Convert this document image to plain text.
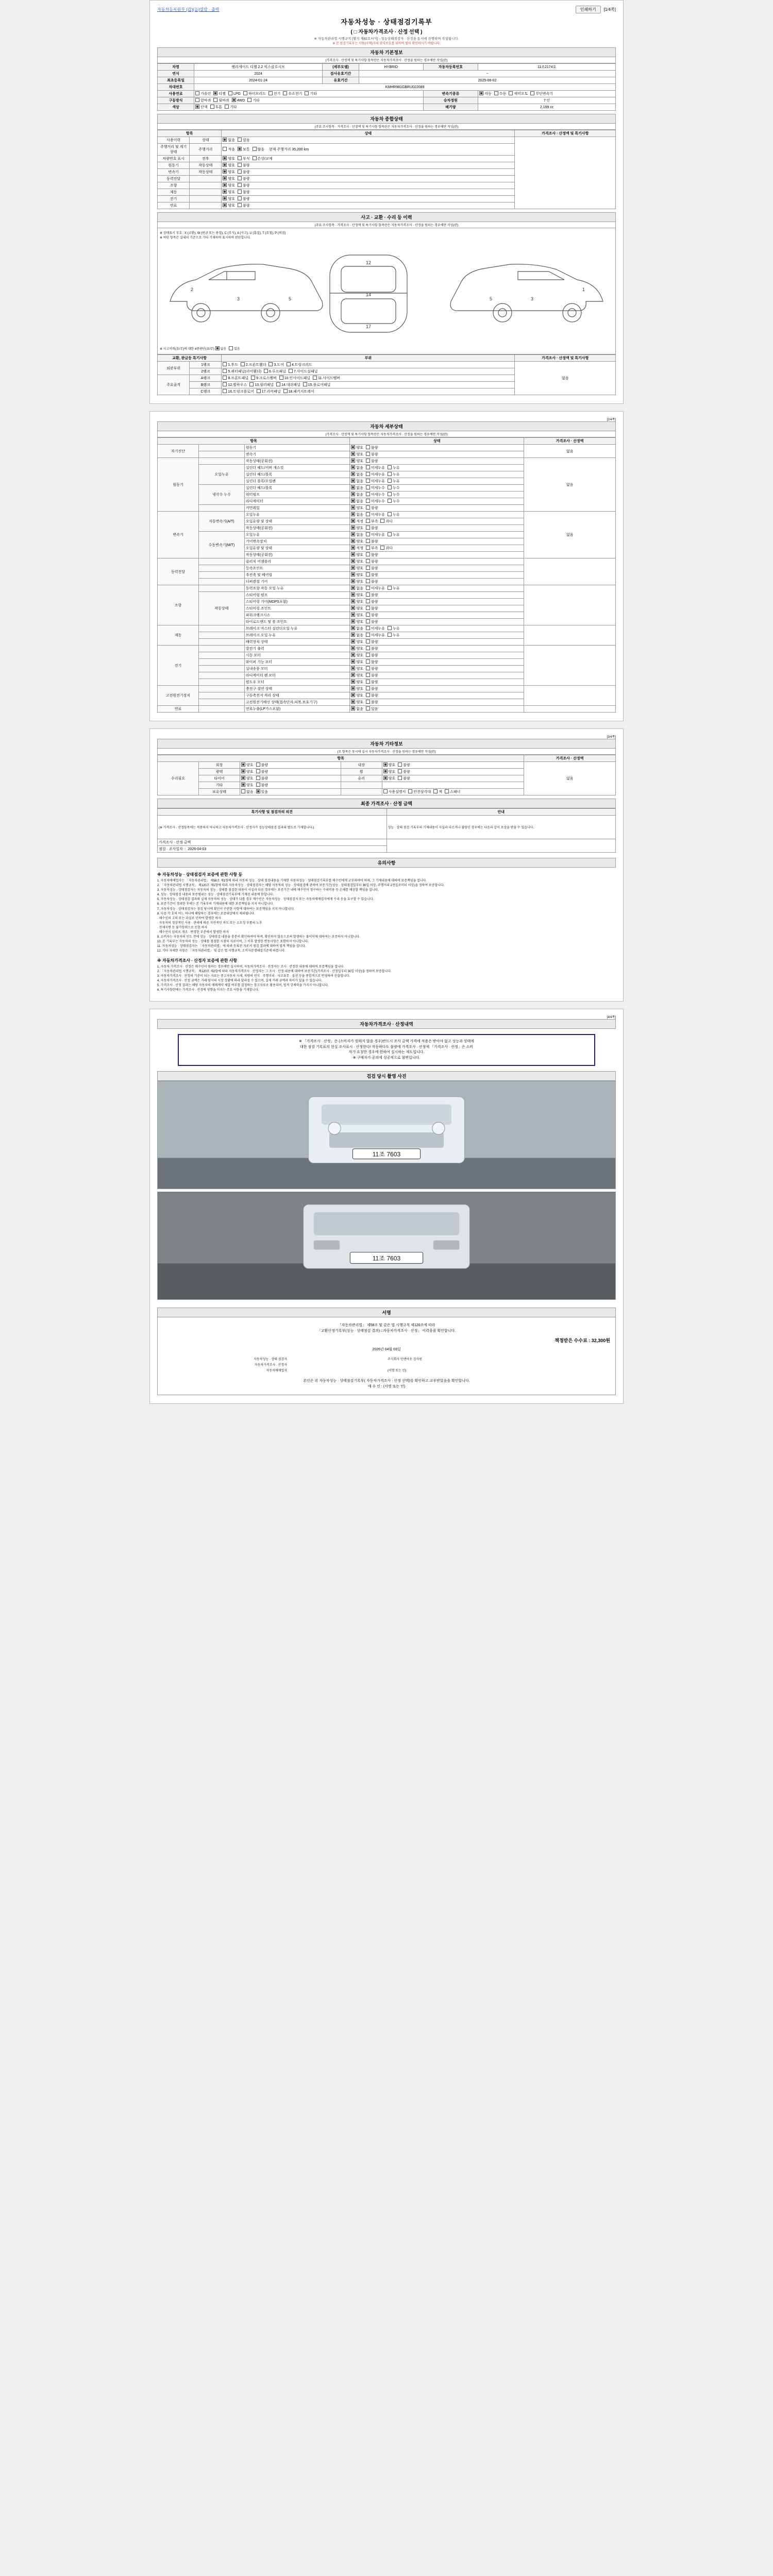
자동차등록원부 (갑)(을)열람 · 출력	인쇄하기	[1/4쪽]
자동차성능 · 상태점검기록부
( □ 자동차가격조사 · 산정 선택 )
※ 자동차관리법 시행규칙 [별지 제82호서식] - 성능상태점검자 · 산정을 동시에 진행하며 작성됩니다.
※ 본 점검기록부는 사용(구매)자의 권익보호를 위하여 필히 확인하시기 바랍니다.
자동차 기본정보
(가격조사 · 산정액 및 특기사항 항목란은 자동차가격조사 · 산정을 원하는 경우에만 작성(란)
차명	팰리세이드 디젤 2.2 익스클루시브	(세부모델)	HYBRID	자동차등록번호	11조2174호
연식	2024	검사유효기간	~		
최초등록일	2024-01-24	유효기간	2025-06-02		
차대번호	KMHR981GBRU022089				
사용연료	가솔린 디젤 LPG 하이브리드 전기 수소전기 기타			변속기종류	자동 수동 세미오토 무단변속기
구동방식	앞바퀴 뒷바퀴 4WD 기타			승차정원	7 인
색상	단색 투톤 기타			배기량	2,199 cc
자동차 종합상태
(주요 조사항목 · 가격조사 · 산정액 및 특기사항 항목란은 자동차가격조사 · 산정을 원하는 경우에만 작성(란)
항목		상태	가격조사 · 산정액 및 특기사항
사용이력	상태	없음 있음	
주행거리 및 계기상태	주행거리	적음 보통 많음  현재 주행거리 35,200 km	
차량번호 표시	전후	양호 부식 손상/교체	
원동기	작동상태	양호 불량	
변속기	작동상태	양호 불량	
동력전달		양호 불량	
조향		양호 불량	
제동		양호 불량	
전기		양호 불량	
연료		양호 불량	
사고 · 교환 · 수리 등 이력
(주요 조사항목 · 가격조사 · 산정액 및 특기사항 항목란은 자동차가격조사 · 산정을 원하는 경우에만 작성(란)
※ 상태표시 부호 : X (교환), W (판금 또는 용접), C (부식), A (사고), U (흠집), T (요철), P (퍼짐)
※ 하단 항목은 실내의 기준으로 기타 기재하여 표시하여 판단합니다.
3
2
5
12
14
17
3
1
5
※ 사고이력(유/무)에 대한 4종판단(유/무) 없음	있음
교환, 판금등 특기사항		부위	가격조사 · 산정액 및 특기사항
외판부위	1랭크	1.후드 2.프론트휀더 3.도어 4.트렁크리드	없음
	2랭크	5.쿼터패널(리어휀더) 6.루프패널 7.사이드실패널	
주요골격	A랭크	8.프론트패널 9.크로스멤버 10.인사이드패널 11.사이드멤버	
	B랭크	12.휠하우스 13.필러패널 14.대쉬패널 15.플로어패널	
	C랭크	16.트렁크플로어 17.리어패널 18.패키지트레이	
[2/4쪽]
자동차 세부상태
(가격조사 · 산정액 및 특기사항 항목란은 자동차가격조사 · 산정을 원하는 경우에만 작성(란)
항목			상태	가격조사 · 산정액
자기진단		원동기	양호 불량	없음
		변속기	양호 불량	
원동기		작동상태(공회전)	양호 불량	없음
	오일누유	실린더 헤드/커버 개스킷	없음 미세누유 누유	
		실린더 헤드/블록	없음 미세누유 누유	
		실린더 블록/오일팬	없음 미세누유 누유	
	냉각수 누수	실린더 헤드/블록	없음 미세누수 누수	
		워터펌프	없음 미세누수 누수	
		라디에이터	없음 미세누수 누수	
		커먼레일	양호 불량	
변속기	자동변속기(A/T)	오일누유	없음 미세누유 누유	없음
		오일유량 및 상태	적정 부족 과다	
		작동상태(공회전)	양호 불량	
	수동변속기(M/T)	오일누유	없음 미세누유 누유	
		기어변속장치	양호 불량	
		오일유량 및 상태	적정 부족 과다	
		작동상태(공회전)	양호 불량	
동력전달		클러치 어셈블리	양호 불량	
		등속조인트	양호 불량	
		추진축 및 베어링	양호 불량	
		디퍼렌셜 기어	양호 불량	
조향		동력조향 작동 오일 누유	없음 미세누유 누유	
	작동상태	스티어링 펌프	양호 불량	
		스티어링 기어(MDPS포함)	양호 불량	
		스티어링 조인트	양호 불량	
		파워크랭크시스	양호 불량	
		타이로드엔드 및 볼 조인트	양호 불량	
제동		브레이크 마스터 실린더오일 누유	없음 미세누유 누유	
		브레이크 오일 누유	없음 미세누유 누유	
		배력장치 상태	양호 불량	
전기		발전기 출력	양호 불량	
		시동 모터	양호 불량	
		와이퍼 기능 모터	양호 불량	
		실내송풍 모터	양호 불량	
		라디에이터 팬 모터	양호 불량	
		윈도우 모터	양호 불량	
고전원전기장치		충전구 절연 상태	양호 불량	
		구동축전지 격리 상태	양호 불량	
		고전원전기배선 상태(접속단자,피복,보호기구)	양호 불량	
연료		연료누출(LP가스포함)	없음 있음	
[3/4쪽]
자동차 기타정보
(모 항목은 동시에 실시 자동차가격조사 · 산정을 원하는 경우에만 작성(란)
항목					가격조사 · 산정액
수리필요	외장	양호 불량	내장	양호 불량	없음
	광택	양호 불량	휠	양호 불량	
	타이어	양호 불량	유리	양호 불량	
	기타	양호 불량			
	보유상태	없음 있음		사용설명서 안전삼각대 잭 스패너	
최종 가격조사 · 산정 금액
특기사항 및 점검자의 의견	안내
(※ 가격조사 · 산정항목에는 적용하지 아니하고 자동차가격조사 · 산정자가 성능상태점검 결과와 별도로 기재합니다.)	성능 · 상태 점검 기록부의 기재내용이 사실과 다르거나 불량인 경우에는 다음과 같이 보상을 받을 수 있습니다.
가격조사 · 산정 금액	
점검 · 조사일자  :  2026-04-03	
유의사항
※ 자동차성능 · 상태점검자 보증에 관한 사항 등

1. 자동차매매업자는 「자동차관리법」 제58조 제1항에 따라 자동차 성능 · 상태 점검내용을 기재한 자동차성능 · 상태점검기록부를 매수인에게 교부하여야 하며, 그 기재내용에 대하여 보증책임을 집니다.

2. 「자동차관리법 시행규칙」 제120조 제1항에 따라 자동차성능 · 상태점검자는 해당 자동차의 성능 · 상태점검에 관하여 보증기간(성능 · 상태점검일부터 30일 이상, 주행거리 2천킬로미터 이상)을 정하여 보증합니다.

3. 자동차성능 · 상태점검자는 자동차의 성능 · 상태를 점검한 내용이 사실과 다른 경우에는 보증기간 내에 매수인이 청구하는 수리비용 등 손해를 배상할 책임을 집니다.

4. 성능 · 상태점검 내용의 보증범위는 성능 · 상태점검기록부에 기재된 내용에 한합니다.

5. 자동차성능 · 상태점검 결과와 실제 자동차의 성능 · 상태가 다를 경우 매수인은 자동차성능 · 상태점검자 또는 자동차매매업자에게 수리 등을 요구할 수 있습니다.

6. 보증기간이 경과한 후에는 본 기록부의 기재내용에 대한 보증책임을 지지 아니합니다.

7. 자동차성능 · 상태점검자는 점검 당시에 확인이 곤란한 사항에 대하여는 보증책임을 지지 아니합니다.

8. 다음 각 호의 어느 하나에 해당하는 경우에는 보증대상에서 제외됩니다.

· 매수인의 고의 또는 과실로 인하여 발생한 하자

· 자동차의 정상적인 사용 · 관리에 따른 자연적인 마모 또는 소모성 부품의 노후

· 천재지변 등 불가항력으로 인한 하자

· 매수인이 임의로 개조 · 변경한 부분에서 발생한 하자

9. 소비자는 자동차의 인도 전에 성능 · 상태점검 내용을 충분히 확인하여야 하며, 확인하지 않음으로써 발생하는 불이익에 대하여는 보증하지 아니합니다.

10. 본 기록부는 자동차의 성능 · 상태를 점검한 시점의 자료이며, 그 이후 발생한 변동사항은 포함하지 아니합니다.

11. 자동차성능 · 상태점검자는 「자동차관리법」에 따라 등록된 자로서 점검 결과에 대하여 법적 책임을 집니다.

12. 기타 자세한 사항은 「자동차관리법」 및 같은 법 시행규칙, 소비자분쟁해결기준에 따릅니다.

※ 자동차가격조사 · 산정자 보증에 관한 사항

1. 자동차 가격조사 · 산정은 매수인이 원하는 경우에만 실시하며, 자동차가격조사 · 산정자는 조사 · 산정한 내용에 대하여 보증책임을 집니다.

2. 「자동차관리법 시행규칙」 제120조 제2항에 따라 자동차가격조사 · 산정자는 그 조사 · 산정 내용에 대하여 보증기간(가격조사 · 산정일부터 30일 이상)을 정하여 보증합니다.

3. 자동차가격조사 · 산정의 기준이 되는 자료는 중고자동차 시세, 차량의 연식 · 주행거리 · 사고유무 · 옵션 등을 종합적으로 반영하여 산출합니다.

4. 자동차가격조사 · 산정 금액은 거래 당시의 시장 상황에 따라 달라질 수 있으며, 실제 거래 금액과 차이가 있을 수 있습니다.

5. 가격조사 · 산정 결과는 해당 자동차의 매매계약 체결 여부를 결정하는 참고자료로 활용되며, 법적 강제력을 가지지 아니합니다.

6. 특기사항란에는 가격조사 · 산정에 영향을 미치는 주요 사항을 기재합니다.

[4/4쪽]
자동차가격조사 · 산정내역
※ 「가격조사 · 산정」은 (소비자가 원하지 않을 경우)반드시 조사 금액 가격에 적용은 받아야 없고 성능과 상태에
대한 점검 기록표의 현실 조사표시 · 산정한다! 작동하다도 불량에 가격조사 · 산정에 「가격조사 · 산정」은 소비
자가 요청한 경우에 한하여 실시하는 제도입니다.
※ 구매자가 공의에 성공적으로 참변입니다.
검검 당시 촬영 사진
11조 7603

11조 7603
서명
「자동차관리법」 제58조 및 같은 법 시행규칙 제120조에 따라
「교환산정기록부(성능 · 상태점검 결과) □자동차가격조사 · 산정」 이력을을 확인합니다.
책정받은 수수료 : 32,300원
2026년 04월 03일
자동차성능 · 상태 점검자		주식회사 인앤아웃 검사원	
자동차가격조사 · 산정자			
자동차매매업자		(서명 또는 인)	
본인은 위 자동차성능 · 상태점검기록부( 자동차가격조사 · 산정 선택)를 확인하고 교부받았음을 확인합니다.
매 수 인 : (서명 또는 인)
